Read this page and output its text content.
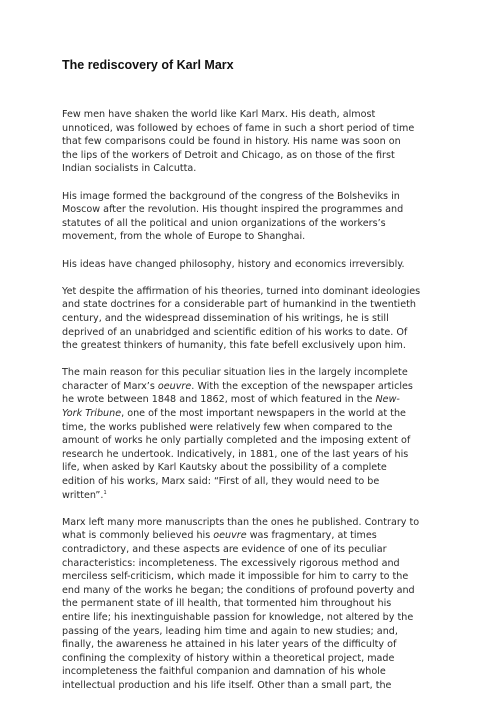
The rediscovery of Karl Marx

Few men have shaken the world like Karl Marx. His death, almost
unnoticed, was followed by echoes of fame in such a short period of time
that few comparisons could be found in history. His name was soon on
the lips of the workers of Detroit and Chicago, as on those of the first
Indian socialists in Calcutta.

His image formed the background of the congress of the Bolsheviks in
Moscow after the revolution. His thought inspired the programmes and
statutes of all the political and union organizations of the workers’s
movement, from the whole of Europe to Shanghai.

His ideas have changed philosophy, history and economics irreversibly.

Yet despite the affirmation of his theories, turned into dominant ideologies
and state doctrines for a considerable part of humankind in the twentieth
century, and the widespread dissemination of his writings, he is still
deprived of an unabridged and scientific edition of his works to date. Of
the greatest thinkers of humanity, this fate befell exclusively upon him.

The main reason for this peculiar situation lies in the largely incomplete
character of Marx’s oeuvre. With the exception of the newspaper articles
he wrote between 1848 and 1862, most of which featured in the New-
York Tribune, one of the most important newspapers in the world at the
time, the works published were relatively few when compared to the
amount of works he only partially completed and the imposing extent of
research he undertook. Indicatively, in 1881, one of the last years of his
life, when asked by Karl Kautsky about the possibility of a complete
edition of his works, Marx said: “First of all, they would need to be
written”.$^1$

Marx left many more manuscripts than the ones he published. Contrary to
what is commonly believed his oeuvre was fragmentary, at times
contradictory, and these aspects are evidence of one of its peculiar
characteristics: incompleteness. The excessively rigorous method and
merciless self-criticism, which made it impossible for him to carry to the
end many of the works he began; the conditions of profound poverty and
the permanent state of ill health, that tormented him throughout his
entire life; his inextinguishable passion for knowledge, not altered by the
passing of the years, leading him time and again to new studies; and,
finally, the awareness he attained in his later years of the difficulty of
confining the complexity of history within a theoretical project, made
incompleteness the faithful companion and damnation of his whole
intellectual production and his life itself. Other than a small part, the
